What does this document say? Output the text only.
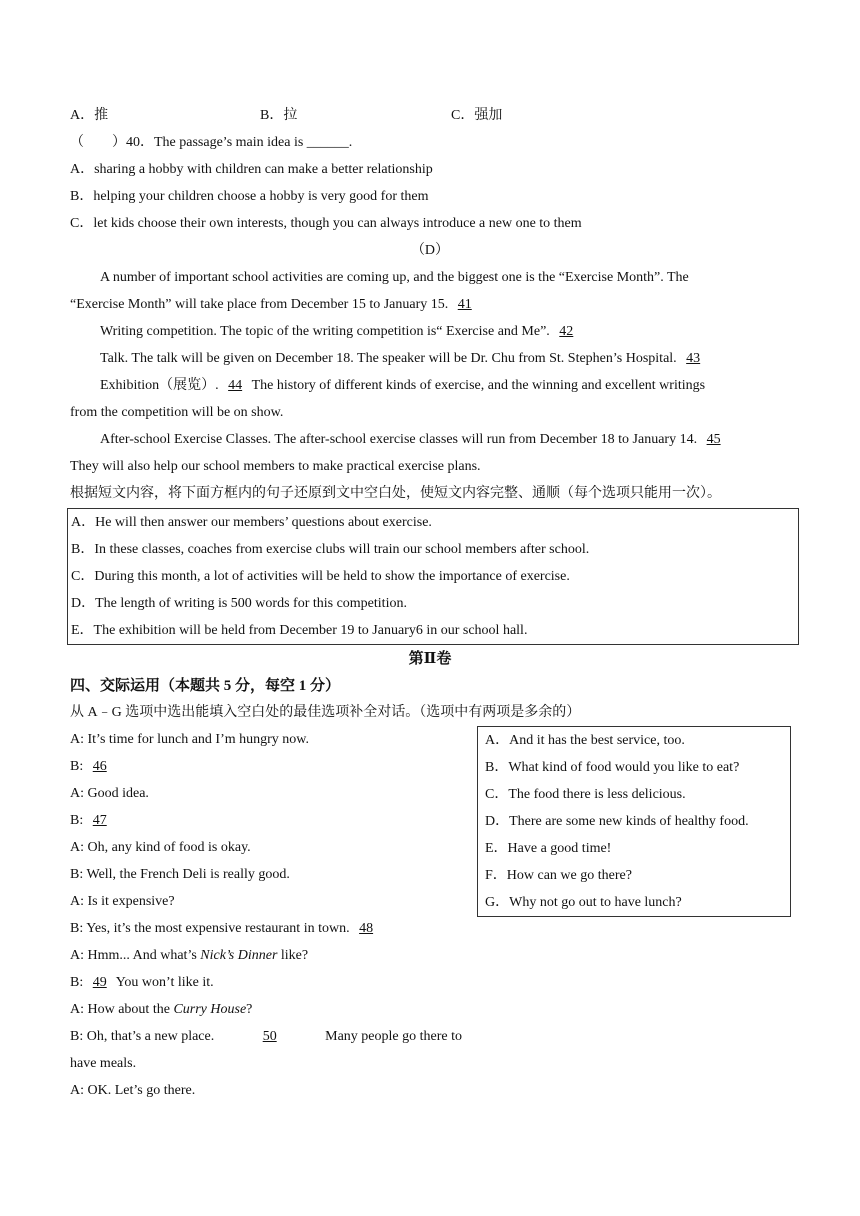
A．推	B．拉	C．强加
（　　）40．The passage’s main idea is ______.
A．sharing a hobby with children can make a better relationship
B．helping your children choose a hobby is very good for them
C．let kids choose their own interests, though you can always introduce a new one to them
（D）
A number of important school activities are coming up, and the biggest one is the “Exercise Month”. The
“Exercise Month” will take place from December 15 to January 15. 41
Writing competition. The topic of the writing competition is“ Exercise and Me”. 42
Talk. The talk will be given on December 18. The speaker will be Dr. Chu from St. Stephen’s Hospital. 43
Exhibition（展览）. 44 The history of different kinds of exercise, and the winning and excellent writings
from the competition will be on show.
After-school Exercise Classes. The after-school exercise classes will run from December 18 to January 14. 45
They will also help our school members to make practical exercise plans.
根据短文内容，将下面方框内的句子还原到文中空白处，使短文内容完整、通顺（每个选项只能用一次）。
A．He will then answer our members’ questions about exercise.
B．In these classes, coaches from exercise clubs will train our school members after school.
C．During this month, a lot of activities will be held to show the importance of exercise.
D．The length of writing is 500 words for this competition.
E．The exhibition will be held from December 19 to January6 in our school hall.
第Ⅱ卷
四、交际运用（本题共 5 分，每空 1 分）
从 A﹣G 选项中选出能填入空白处的最佳选项补全对话。（选项中有两项是多余的）
A: It’s time for lunch and I’m hungry now.
B: 46
A: Good idea.
B: 47
A: Oh, any kind of food is okay.
B: Well, the French Deli is really good.
A: Is it expensive?
B: Yes, it’s the most expensive restaurant in town. 48
A: Hmm... And what’s Nick’s Dinner like?
B: 49 You won’t like it.
A: How about the Curry House?
B: Oh, that’s a new place.	50	Many people go there to
have meals.
A: OK. Let’s go there.
A．And it has the best service, too.
B．What kind of food would you like to eat?
C．The food there is less delicious.
D．There are some new kinds of healthy food.
E．Have a good time!
F．How can we go there?
G．Why not go out to have lunch?
